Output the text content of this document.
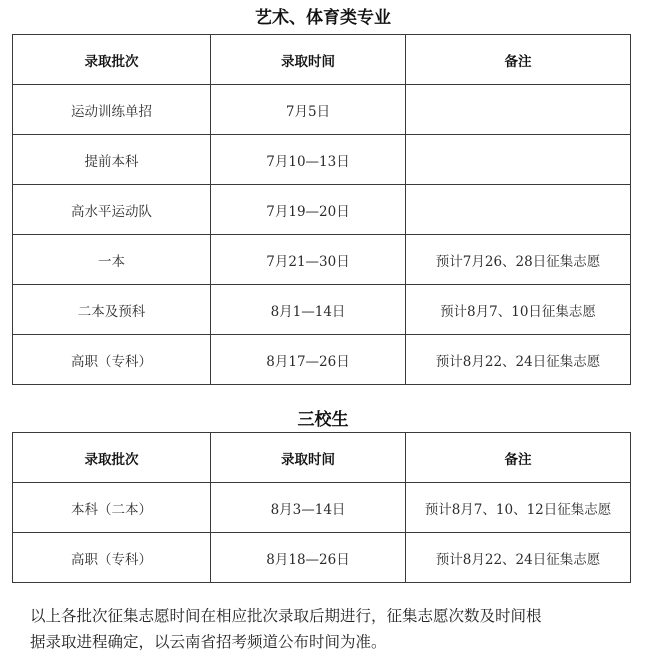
艺术、体育类专业
录取批次	录取时间	备注
运动训练单招	7月5日	
提前本科	7月10—13日	
高水平运动队	7月19—20日	
一本	7月21—30日	预计7月26、28日征集志愿
二本及预科	8月1—14日	预计8月7、10日征集志愿
高职（专科）	8月17—26日	预计8月22、24日征集志愿
三校生
录取批次	录取时间	备注
本科（二本）	8月3—14日	预计8月7、10、12日征集志愿
高职（专科）	8月18—26日	预计8月22、24日征集志愿
以上各批次征集志愿时间在相应批次录取后期进行，征集志愿次数及时间根
据录取进程确定，以云南省招考频道公布时间为准。
